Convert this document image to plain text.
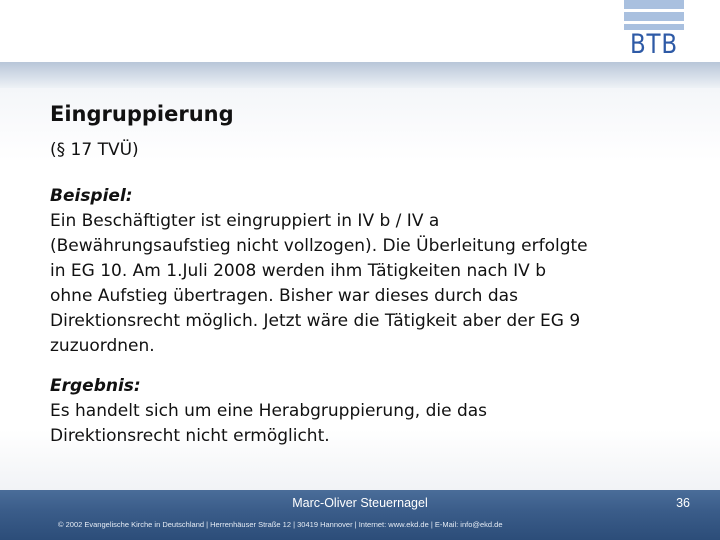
BTB
Eingruppierung
(§ 17 TVÜ)
Beispiel:
Ein Beschäftigter ist eingruppiert in IV b / IV a
(Bewährungsaufstieg nicht vollzogen). Die Überleitung erfolgte
in EG 10. Am 1.Juli 2008 werden ihm Tätigkeiten nach IV b
ohne Aufstieg übertragen. Bisher war dieses durch das
Direktionsrecht möglich. Jetzt wäre die Tätigkeit aber der EG 9
zuzuordnen.
Ergebnis:
Es handelt sich um eine Herabgruppierung, die das
Direktionsrecht nicht ermöglicht.
Marc-Oliver Steuernagel	36
© 2002 Evangelische Kirche in Deutschland | Herrenhäuser Straße 12 | 30419 Hannover | Internet: www.ekd.de | E-Mail: info@ekd.de
